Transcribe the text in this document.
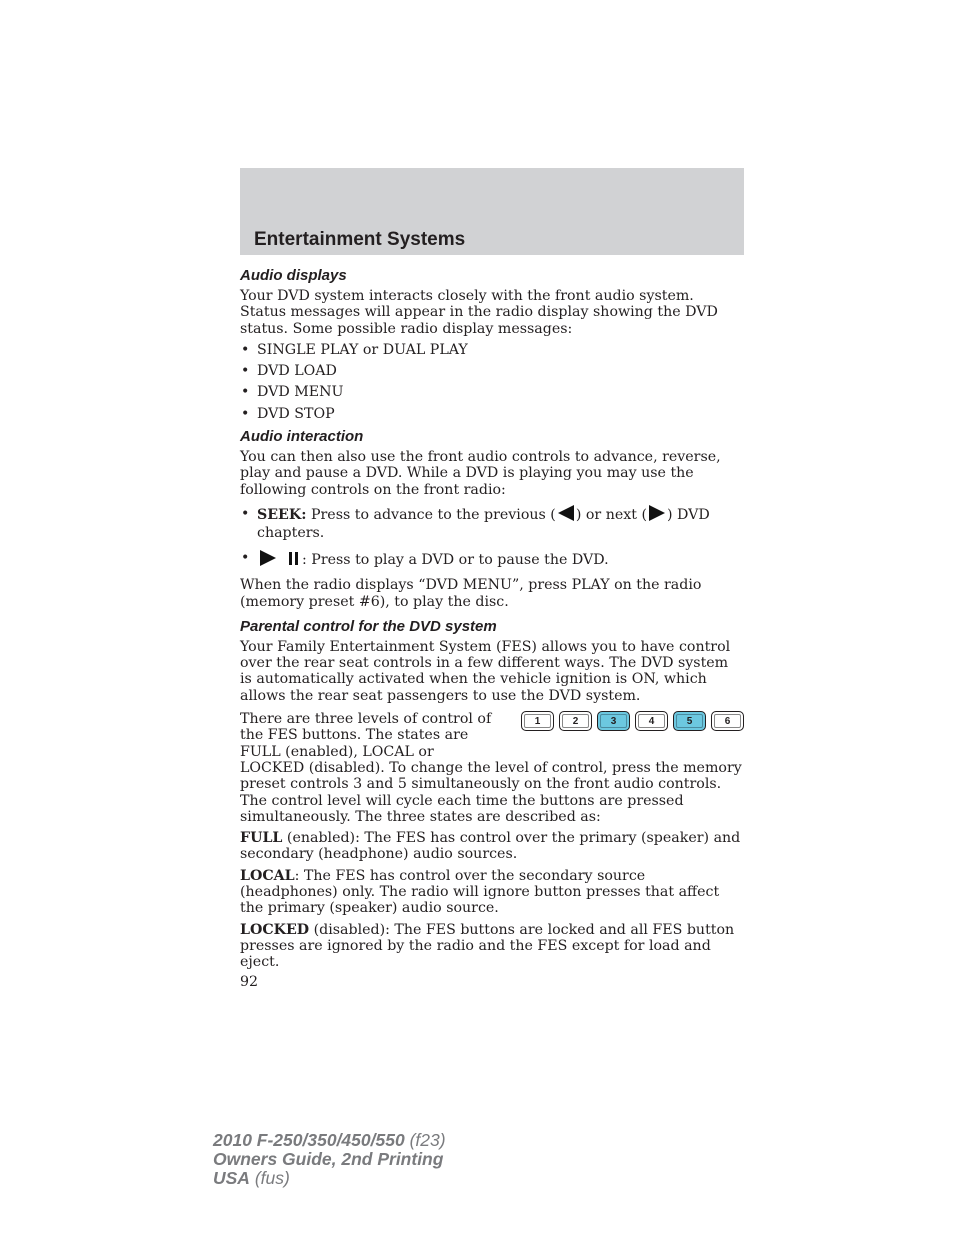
Entertainment Systems
Audio displays

Your DVD system interacts closely with the front audio system. Status messages will appear in the radio display showing the DVD status. Some possible radio display messages:

• SINGLE PLAY or DUAL PLAY
• DVD LOAD
• DVD MENU
• DVD STOP
Audio interaction

You can then also use the front audio controls to advance, reverse, play and pause a DVD. While a DVD is playing you may use the following controls on the front radio:

• SEEK: Press to advance to the previous ( ) or next ( ) DVD chapters.
• : Press to play a DVD or to pause the DVD.

When the radio displays “DVD MENU”, press PLAY on the radio (memory preset #6), to play the disc.

Parental control for the DVD system

Your Family Entertainment System (FES) allows you to have control over the rear seat controls in a few different ways. The DVD system is automatically activated when the vehicle ignition is ON, which allows the rear seat passengers to use the DVD system.

1	2	3	4	5	6

There are three levels of control of

the FES buttons. The states are

FULL (enabled), LOCAL or

LOCKED (disabled). To change the level of control, press the memory preset controls 3 and 5 simultaneously on the front audio controls. The control level will cycle each time the buttons are pressed simultaneously. The three states are described as:

FULL (enabled): The FES has control over the primary (speaker) and secondary (headphone) audio sources.

LOCAL: The FES has control over the secondary source (headphones) only. The radio will ignore button presses that affect the primary (speaker) audio source.

LOCKED (disabled): The FES buttons are locked and all FES button presses are ignored by the radio and the FES except for load and eject.

92

2010 F-250/350/450/550 (f23)
Owners Guide, 2nd Printing
USA (fus)
